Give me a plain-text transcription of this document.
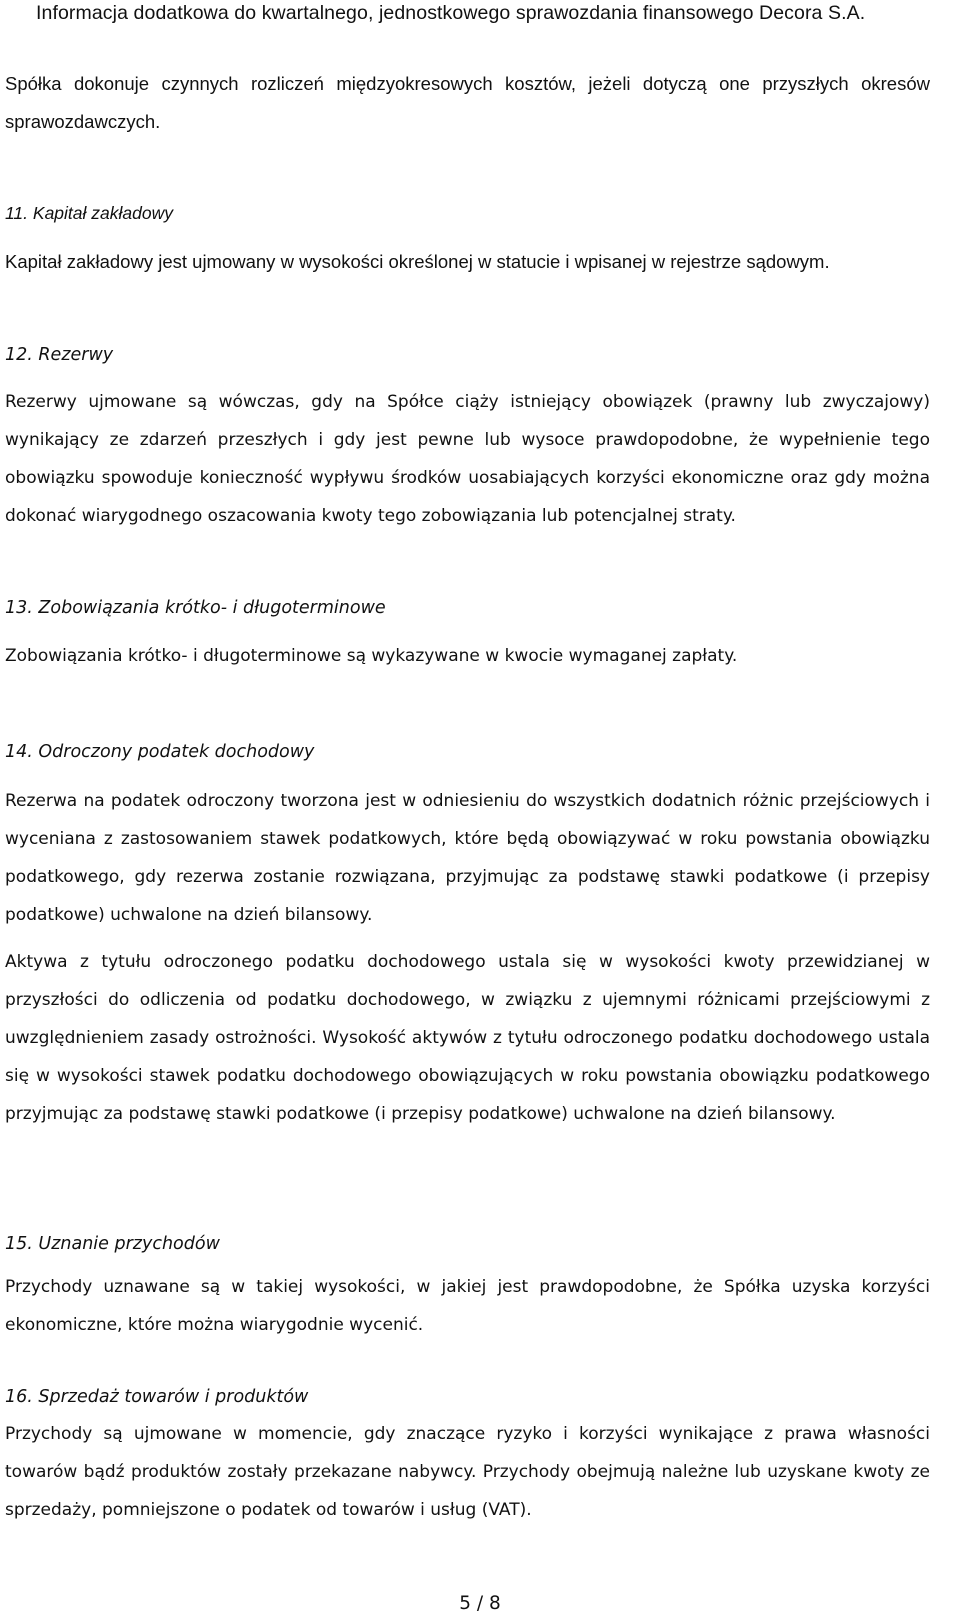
Informacja dodatkowa do kwartalnego, jednostkowego sprawozdania finansowego Decora S.A.

Spółka dokonuje czynnych rozliczeń międzyokresowych kosztów, jeżeli dotyczą one przyszłych okresów sprawozdawczych.

11. Kapitał zakładowy

Kapitał zakładowy jest ujmowany w wysokości określonej w statucie i wpisanej w rejestrze sądowym.

12. Rezerwy

Rezerwy ujmowane są wówczas, gdy na Spółce ciąży istniejący obowiązek (prawny lub zwyczajowy) wynikający ze zdarzeń przeszłych i gdy jest pewne lub wysoce prawdopodobne, że wypełnienie tego obowiązku spowoduje konieczność wypływu środków uosabiających korzyści ekonomiczne oraz gdy można dokonać wiarygodnego oszacowania kwoty tego zobowiązania lub potencjalnej straty.

13. Zobowiązania krótko- i długoterminowe

Zobowiązania krótko- i długoterminowe są wykazywane w kwocie wymaganej zapłaty.

14. Odroczony podatek dochodowy

Rezerwa na podatek odroczony tworzona jest w odniesieniu do wszystkich dodatnich różnic przejściowych i wyceniana z zastosowaniem stawek podatkowych, które będą obowiązywać w roku powstania obowiązku podatkowego, gdy rezerwa zostanie rozwiązana, przyjmując za podstawę stawki podatkowe (i przepisy podatkowe) uchwalone na dzień bilansowy.

Aktywa z tytułu odroczonego podatku dochodowego ustala się w wysokości kwoty przewidzianej w przyszłości do odliczenia od podatku dochodowego, w związku z ujemnymi różnicami przejściowymi z uwzględnieniem zasady ostrożności. Wysokość aktywów z tytułu odroczonego podatku dochodowego ustala się w wysokości stawek podatku dochodowego obowiązujących w roku powstania obowiązku podatkowego przyjmując za podstawę stawki podatkowe (i przepisy podatkowe) uchwalone na dzień bilansowy.

15. Uznanie przychodów

Przychody uznawane są w takiej wysokości, w jakiej jest prawdopodobne, że Spółka uzyska korzyści ekonomiczne, które można wiarygodnie wycenić.

16. Sprzedaż towarów i produktów

Przychody są ujmowane w momencie, gdy znaczące ryzyko i korzyści wynikające z prawa własności towarów bądź produktów zostały przekazane nabywcy. Przychody obejmują należne lub uzyskane kwoty ze sprzedaży, pomniejszone o podatek od towarów i usług (VAT).

5 / 8
